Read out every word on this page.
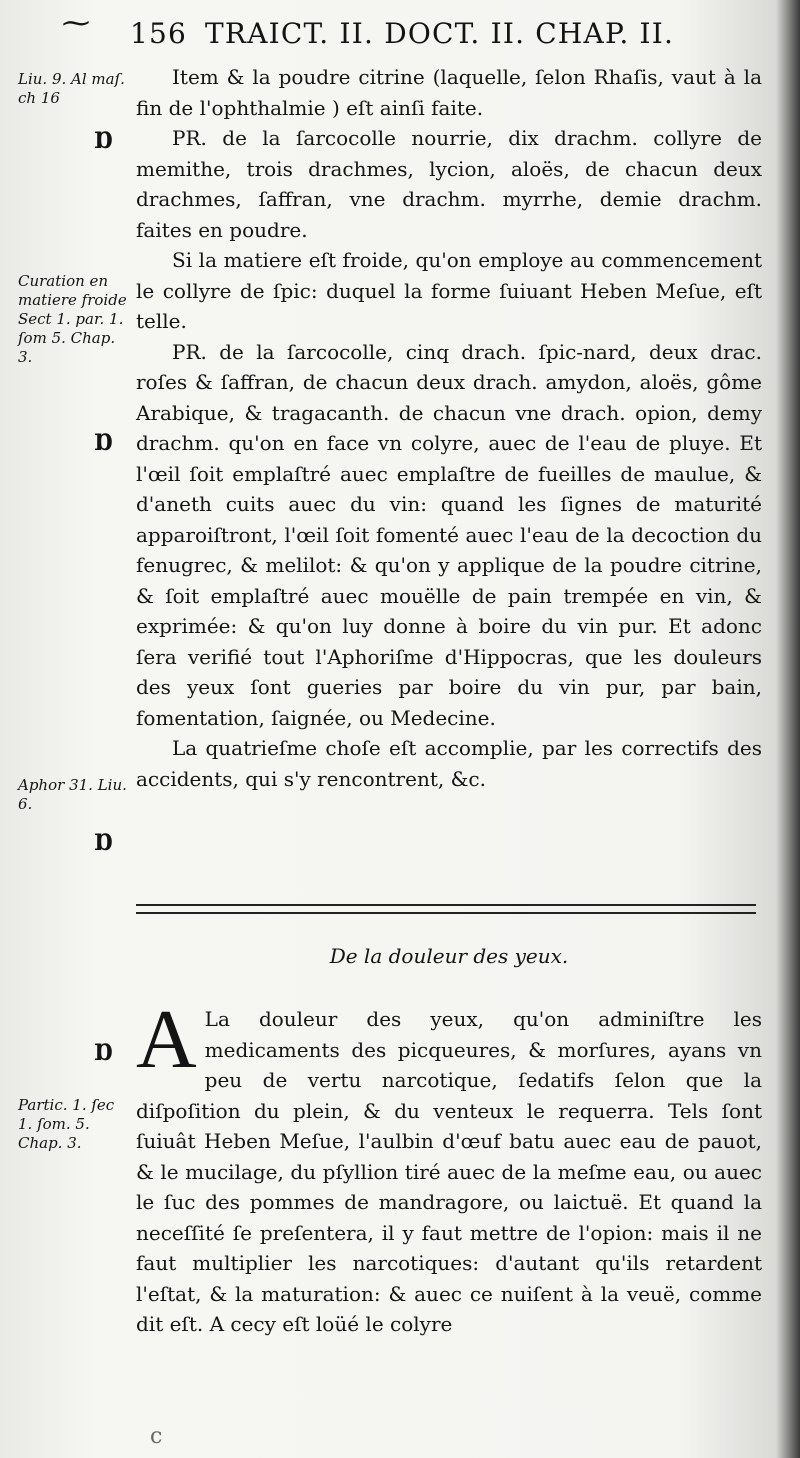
⁓ 156 TRAICT. II. DOCT. II. CHAP. II.
Liu. 9. Al maſ. ch 16
Curation en matiere froide Sect 1. par. 1. ſom 5. Chap. 3.
Aphor 31. Liu. 6.
Partic. 1. ſec 1. ſom. 5. Chap. 3.
Ɒ
Ɒ
Ɒ
Ɒ

Item & la poudre citrine (laquelle, ſelon Rhaſis, vaut à la fin de l'ophthalmie ) eſt ainſi faite.

PR. de la ſarcocolle nourrie, dix drachm. collyre de memithe, trois drachmes, lycion, aloës, de chacun deux drachmes, ſaffran, vne drachm. myrrhe, demie drachm. faites en poudre.

Si la matiere eſt froide, qu'on employe au commencement le collyre de ſpic: duquel la forme ſuiuant Heben Meſue, eſt telle.

PR. de la ſarcocolle, cinq drach. ſpic-nard, deux drac. roſes & ſaffran, de chacun deux drach. amydon, aloës, gôme Arabique, & tragacanth. de chacun vne drach. opion, demy drachm. qu'on en face vn colyre, auec de l'eau de pluye. Et l'œil ſoit emplaſtré auec emplaſtre de fueilles de maulue, & d'aneth cuits auec du vin: quand les ſignes de maturité apparoiſtront, l'œil ſoit fomenté auec l'eau de la decoction du fenugrec, & melilot: & qu'on y applique de la poudre citrine, & ſoit emplaſtré auec mouëlle de pain trempée en vin, & exprimée: & qu'on luy donne à boire du vin pur. Et adonc ſera verifié tout l'Aphoriſme d'Hippocras, que les douleurs des yeux ſont gueries par boire du vin pur, par bain, fomentation, ſaignée, ou Medecine.

La quatrieſme choſe eſt accomplie, par les correctifs des accidents, qui s'y rencontrent, &c.

De la douleur des yeux.

A La douleur des yeux, qu'on adminiſtre les medicaments des picqueures, & morſures, ayans vn peu de vertu narcotique, ſedatifs ſelon que la diſpoſition du plein, & du venteux le requerra. Tels ſont ſuiuât Heben Meſue, l'aulbin d'œuf batu auec eau de pauot, & le mucilage, du pſyllion tiré auec de la meſme eau, ou auec le ſuc des pommes de mandragore, ou laictuë. Et quand la neceſſité ſe preſentera, il y faut mettre de l'opion: mais il ne faut multiplier les narcotiques: d'autant qu'ils retardent l'eſtat, & la maturation: & auec ce nuiſent à la veuë, comme dit eſt. A cecy eſt loüé le colyre

c
